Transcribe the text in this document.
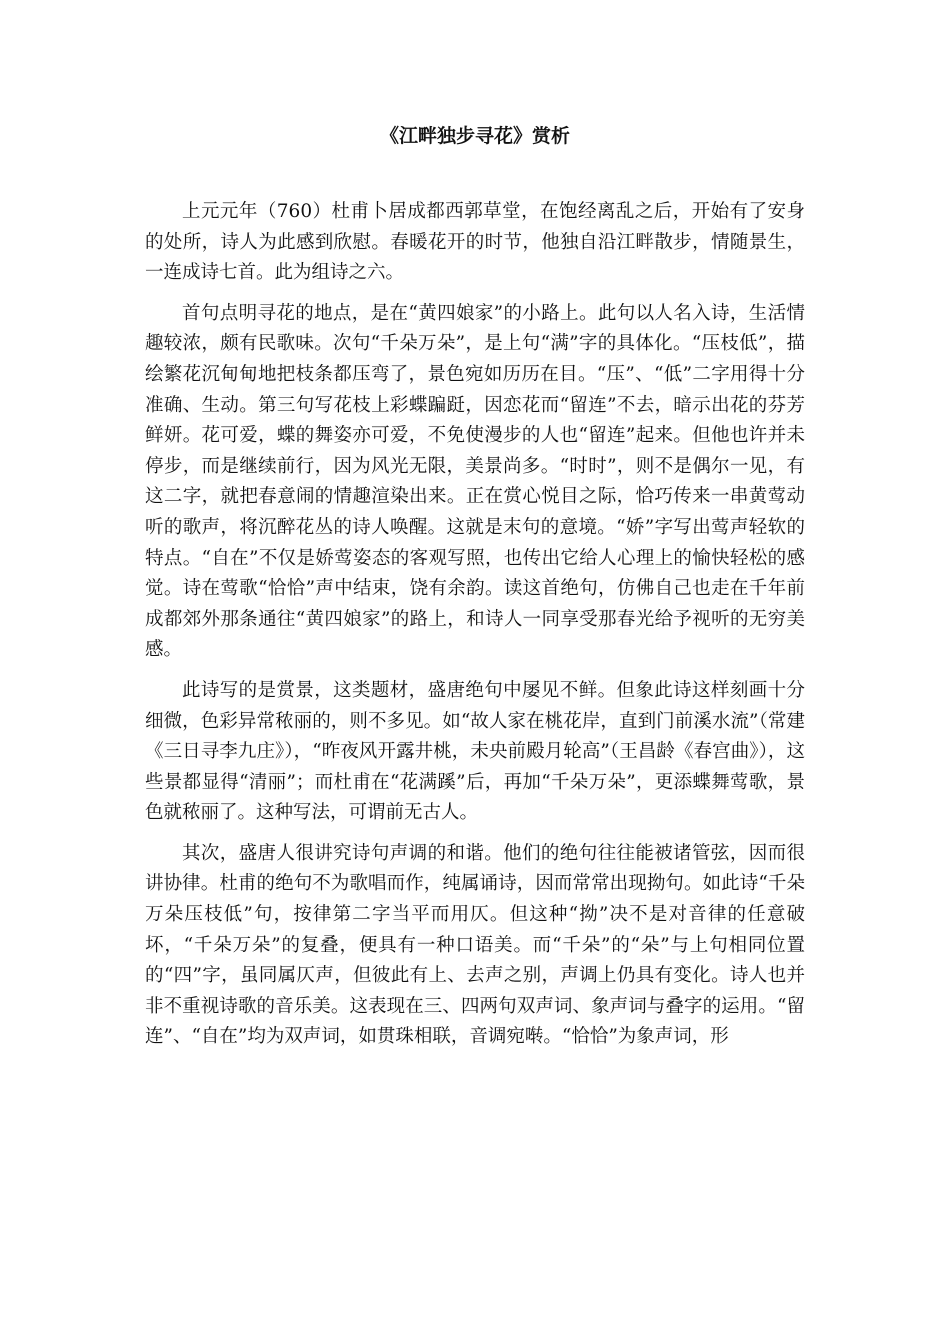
《江畔独步寻花》赏析

上元元年（760）杜甫卜居成都西郭草堂，在饱经离乱之后，开始有了安身的处所，诗人为此感到欣慰。春暖花开的时节，他独自沿江畔散步，情随景生，一连成诗七首。此为组诗之六。

首句点明寻花的地点，是在“黄四娘家”的小路上。此句以人名入诗，生活情趣较浓，颇有民歌味。次句“千朵万朵”，是上句“满”字的具体化。“压枝低”，描绘繁花沉甸甸地把枝条都压弯了，景色宛如历历在目。“压”、“低”二字用得十分准确、生动。第三句写花枝上彩蝶蹁跹，因恋花而“留连”不去，暗示出花的芬芳鲜妍。花可爱，蝶的舞姿亦可爱，不免使漫步的人也“留连”起来。但他也许并未停步，而是继续前行，因为风光无限，美景尚多。“时时”，则不是偶尔一见，有这二字，就把春意闹的情趣渲染出来。正在赏心悦目之际，恰巧传来一串黄莺动听的歌声，将沉醉花丛的诗人唤醒。这就是末句的意境。“娇”字写出莺声轻软的特点。“自在”不仅是娇莺姿态的客观写照，也传出它给人心理上的愉快轻松的感觉。诗在莺歌“恰恰”声中结束，饶有余韵。读这首绝句，仿佛自己也走在千年前成都郊外那条通往“黄四娘家”的路上，和诗人一同享受那春光给予视听的无穷美感。

此诗写的是赏景，这类题材，盛唐绝句中屡见不鲜。但象此诗这样刻画十分细微，色彩异常秾丽的，则不多见。如“故人家在桃花岸，直到门前溪水流”（常建《三日寻李九庄》），“昨夜风开露井桃，未央前殿月轮高”（王昌龄《春宫曲》），这些景都显得“清丽”；而杜甫在“花满蹊”后，再加“千朵万朵”，更添蝶舞莺歌，景色就秾丽了。这种写法，可谓前无古人。

其次，盛唐人很讲究诗句声调的和谐。他们的绝句往往能被诸管弦，因而很讲协律。杜甫的绝句不为歌唱而作，纯属诵诗，因而常常出现拗句。如此诗“千朵万朵压枝低”句，按律第二字当平而用仄。但这种“拗”决不是对音律的任意破坏，“千朵万朵”的复叠，便具有一种口语美。而“千朵”的“朵”与上句相同位置的“四”字，虽同属仄声，但彼此有上、去声之别，声调上仍具有变化。诗人也并非不重视诗歌的音乐美。这表现在三、四两句双声词、象声词与叠字的运用。“留连”、“自在”均为双声词，如贯珠相联，音调宛啭。“恰恰”为象声词，形
